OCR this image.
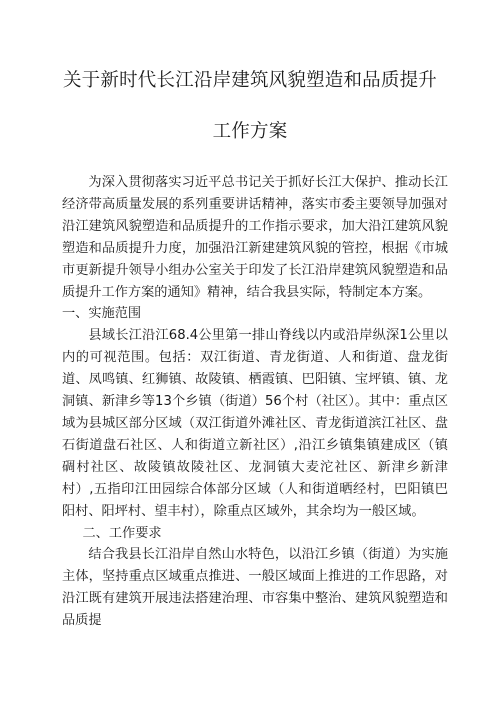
关于新时代长江沿岸建筑风貌塑造和品质提升
工作方案

为深入贯彻落实习近平总书记关于抓好长江大保护、推动长江经济带高质量发展的系列重要讲话精神，落实市委主要领导加强对沿江建筑风貌塑造和品质提升的工作指示要求，加大沿江建筑风貌塑造和品质提升力度，加强沿江新建建筑风貌的管控，根据《市城市更新提升领导小组办公室关于印发了长江沿岸建筑风貌塑造和品质提升工作方案的通知》精神，结合我县实际，特制定本方案。

一、实施范围

县域长江沿江68.4公里第一排山脊线以内或沿岸纵深1公里以内的可视范围。包括：双江街道、青龙街道、人和街道、盘龙街道、凤鸣镇、红狮镇、故陵镇、栖霞镇、巴阳镇、宝坪镇、镇、龙洞镇、新津乡等13个乡镇（街道）56个村（社区）。其中：重点区域为县城区部分区域（双江街道外滩社区、青龙街道滨江社区、盘石街道盘石社区、人和街道立新社区）,沿江乡镇集镇建成区（镇碉村社区、故陵镇故陵社区、龙洞镇大麦沱社区、新津乡新津村）,五指印江田园综合体部分区域（人和街道晒经村，巴阳镇巴阳村、阳坪村、望丰村），除重点区域外，其余均为一般区域。

二、工作要求

结合我县长江沿岸自然山水特色，以沿江乡镇（街道）为实施主体，坚持重点区域重点推进、一般区域面上推进的工作思路，对沿江既有建筑开展违法搭建治理、市容集中整治、建筑风貌塑造和品质提
